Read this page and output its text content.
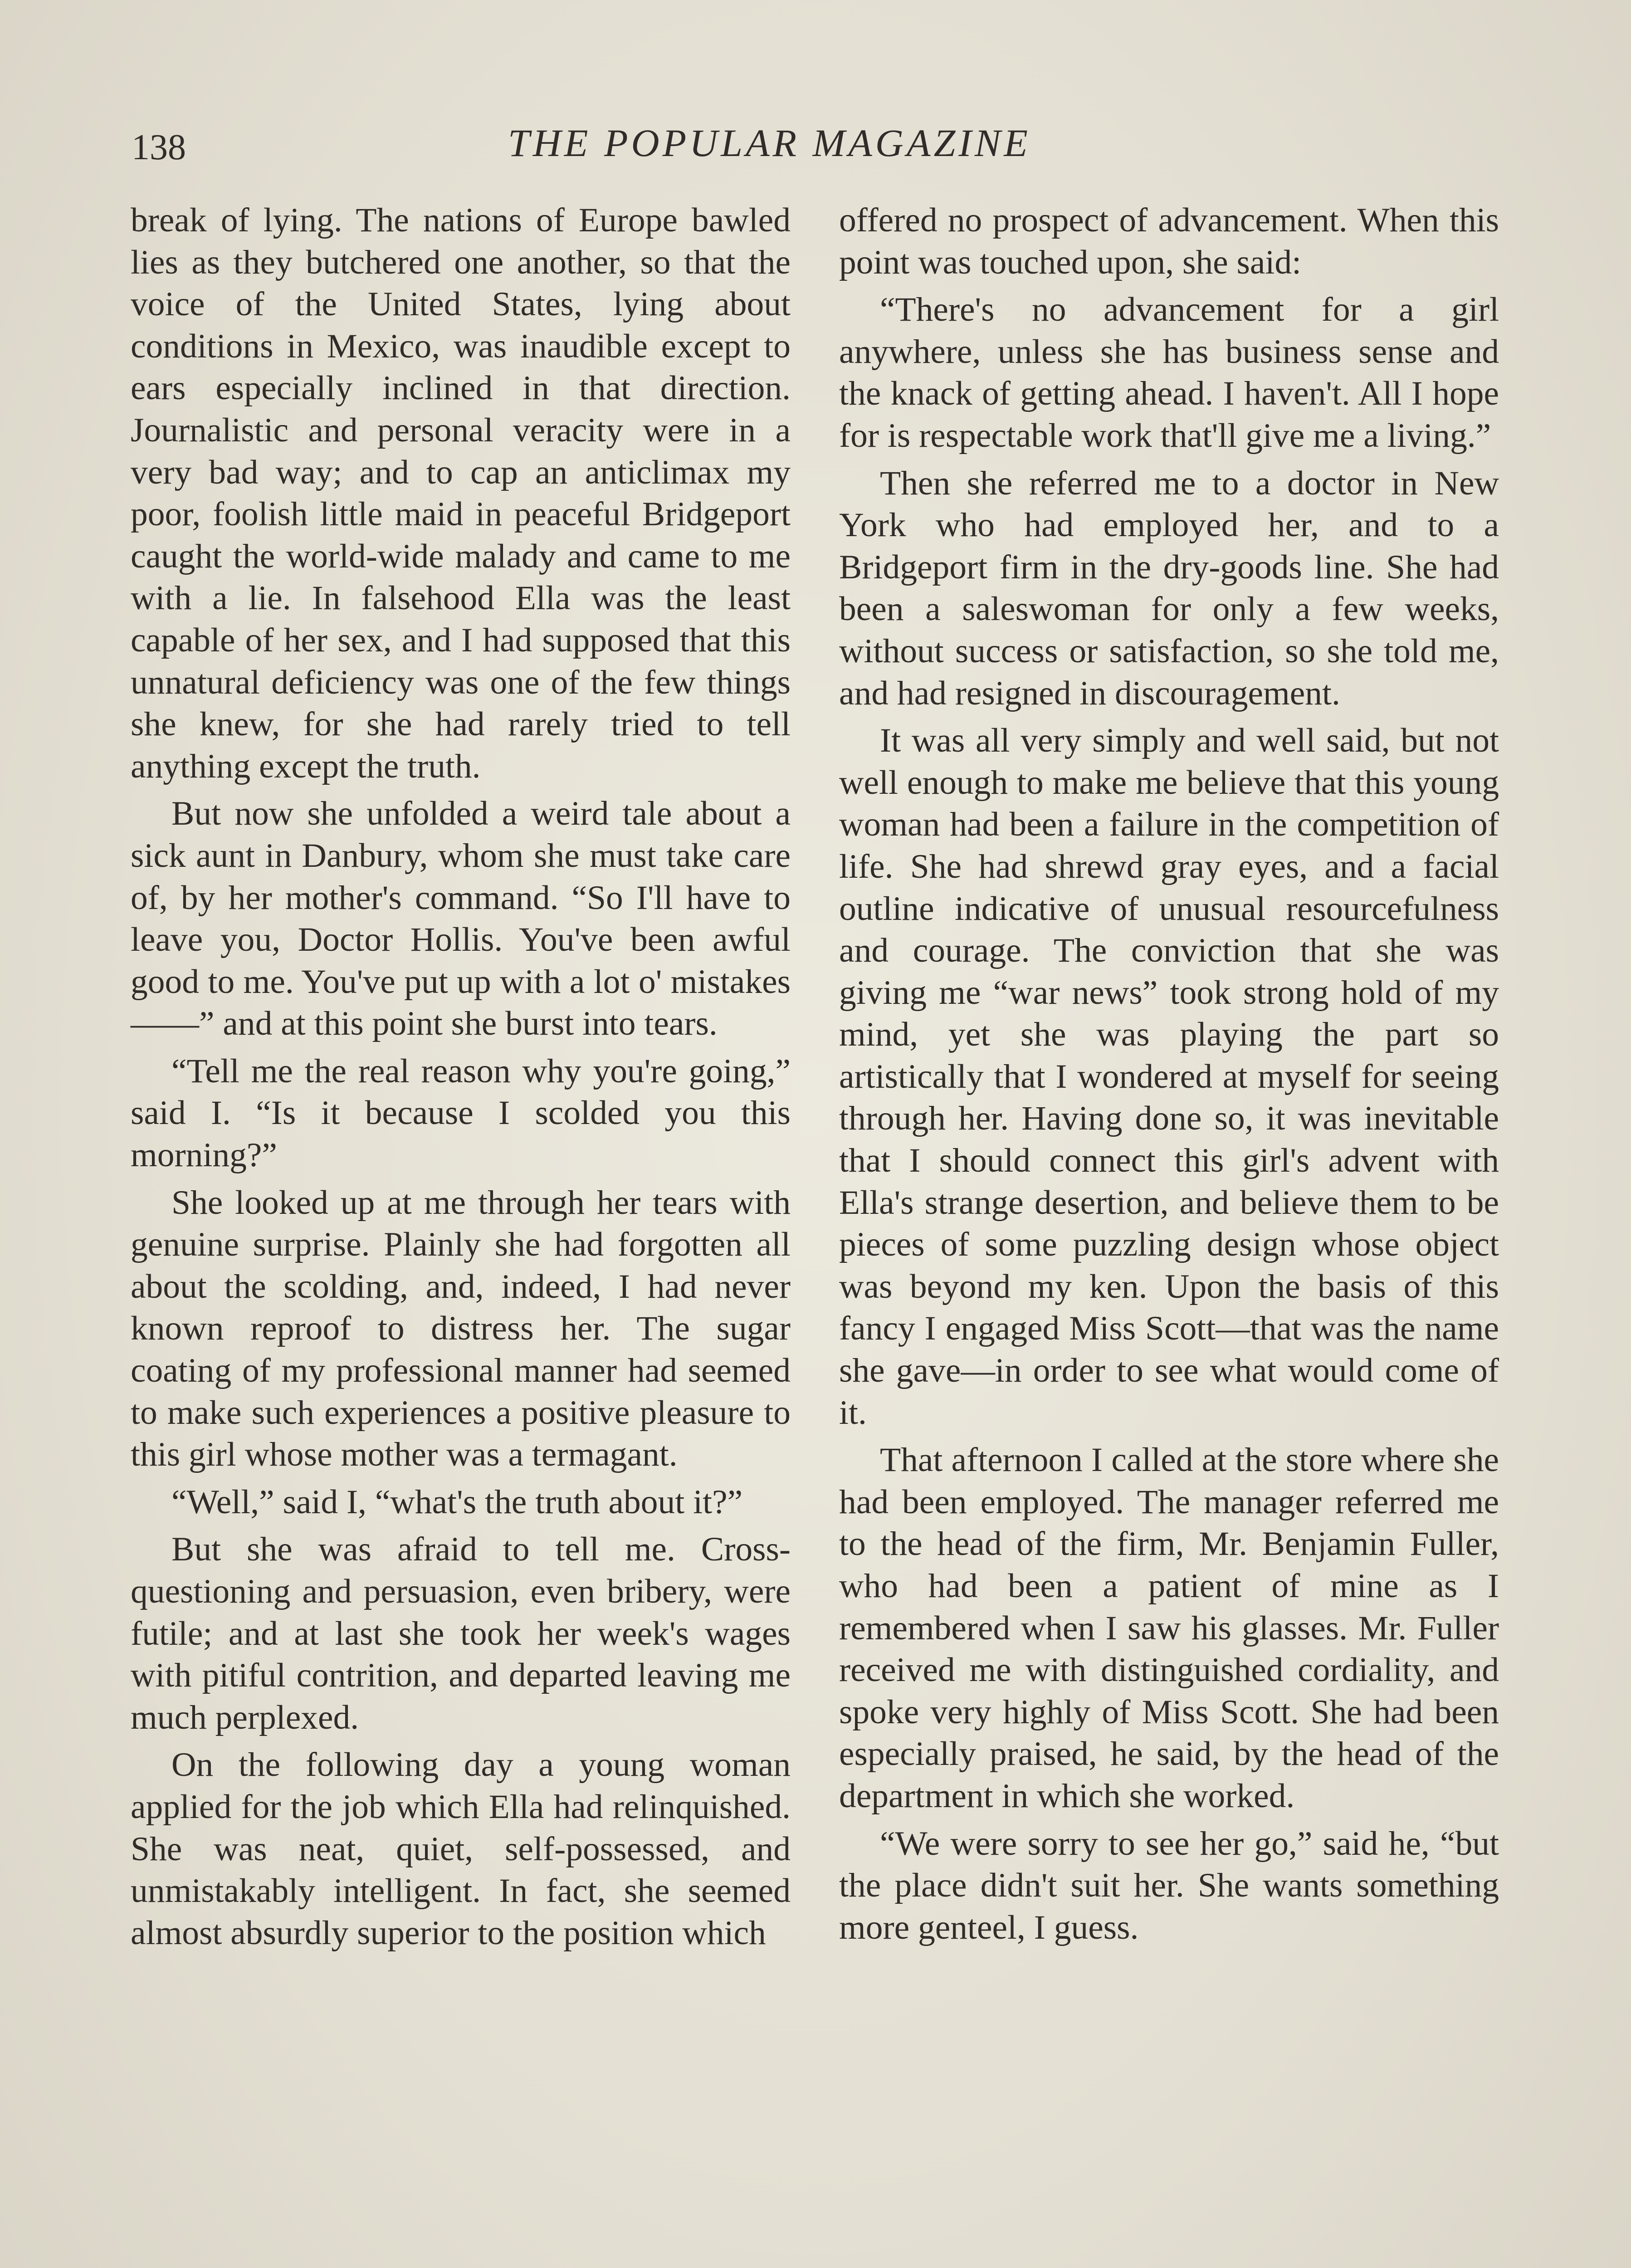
138	THE POPULAR MAGAZINE

break of lying. The nations of Europe bawled lies as they butchered one another, so that the voice of the United States, lying about conditions in Mexico, was inaudible except to ears especially inclined in that direction. Journalistic and personal veracity were in a very bad way; and to cap an anticlimax my poor, foolish little maid in peaceful Bridgeport caught the world-wide malady and came to me with a lie. In falsehood Ella was the least capable of her sex, and I had supposed that this unnatural deficiency was one of the few things she knew, for she had rarely tried to tell anything except the truth.

But now she unfolded a weird tale about a sick aunt in Danbury, whom she must take care of, by her mother's command. “So I'll have to leave you, Doctor Hollis. You've been awful good to me. You've put up with a lot o' mistakes——” and at this point she burst into tears.

“Tell me the real reason why you're going,” said I. “Is it because I scolded you this morning?”

She looked up at me through her tears with genuine surprise. Plainly she had forgotten all about the scolding, and, indeed, I had never known reproof to distress her. The sugar coating of my professional manner had seemed to make such experiences a positive pleasure to this girl whose mother was a termagant.

“Well,” said I, “what's the truth about it?”

But she was afraid to tell me. Cross-questioning and persuasion, even bribery, were futile; and at last she took her week's wages with pitiful contrition, and departed leaving me much perplexed.

On the following day a young woman applied for the job which Ella had relinquished. She was neat, quiet, self-possessed, and unmistakably intelligent. In fact, she seemed almost absurdly superior to the position which

offered no prospect of advancement. When this point was touched upon, she said:

“There's no advancement for a girl anywhere, unless she has business sense and the knack of getting ahead. I haven't. All I hope for is respectable work that'll give me a living.”

Then she referred me to a doctor in New York who had employed her, and to a Bridgeport firm in the dry-goods line. She had been a saleswoman for only a few weeks, without success or satisfaction, so she told me, and had resigned in discouragement.

It was all very simply and well said, but not well enough to make me believe that this young woman had been a failure in the competition of life. She had shrewd gray eyes, and a facial outline indicative of unusual resourcefulness and courage. The conviction that she was giving me “war news” took strong hold of my mind, yet she was playing the part so artistically that I wondered at myself for seeing through her. Having done so, it was inevitable that I should connect this girl's advent with Ella's strange desertion, and believe them to be pieces of some puzzling design whose object was beyond my ken. Upon the basis of this fancy I engaged Miss Scott—that was the name she gave—in order to see what would come of it.

That afternoon I called at the store where she had been employed. The manager referred me to the head of the firm, Mr. Benjamin Fuller, who had been a patient of mine as I remembered when I saw his glasses. Mr. Fuller received me with distinguished cordiality, and spoke very highly of Miss Scott. She had been especially praised, he said, by the head of the department in which she worked.

“We were sorry to see her go,” said he, “but the place didn't suit her. She wants something more genteel, I guess.
